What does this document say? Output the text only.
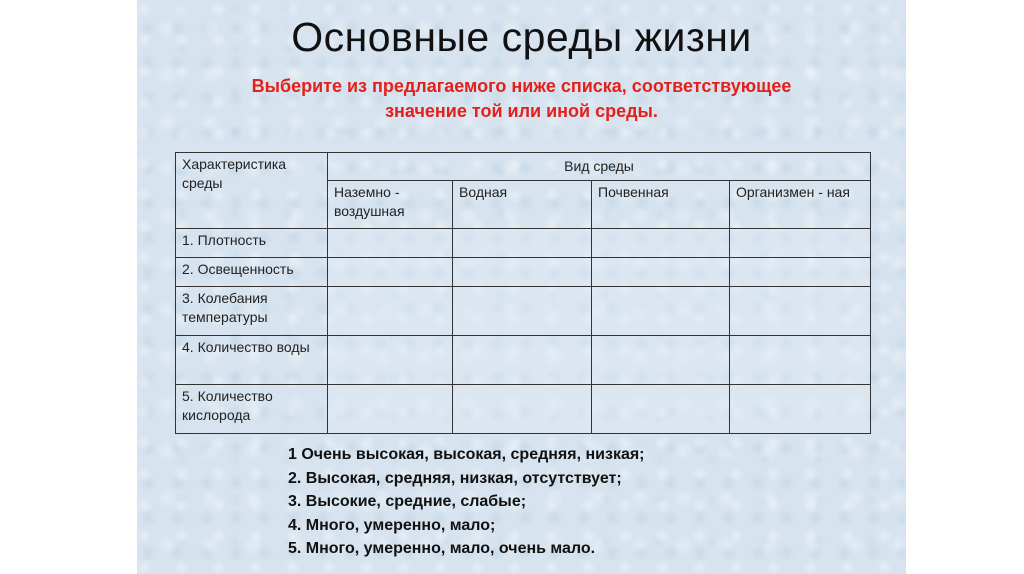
Основные среды жизни
Выберите из предлагаемого ниже списка, соответствующее
значение той или иной среды.
Характеристика среды	Вид среды			
	Наземно - воздушная	Водная	Почвенная	Организмен - ная
1. Плотность				
2. Освещенность				
3. Колебания температуры				
4. Количество воды				
5. Количество кислорода				
1 Очень высокая, высокая, средняя, низкая;
2. Высокая, средняя, низкая, отсутствует;
3. Высокие, средние, слабые;
4. Много, умеренно, мало;
5. Много, умеренно, мало, очень мало.
